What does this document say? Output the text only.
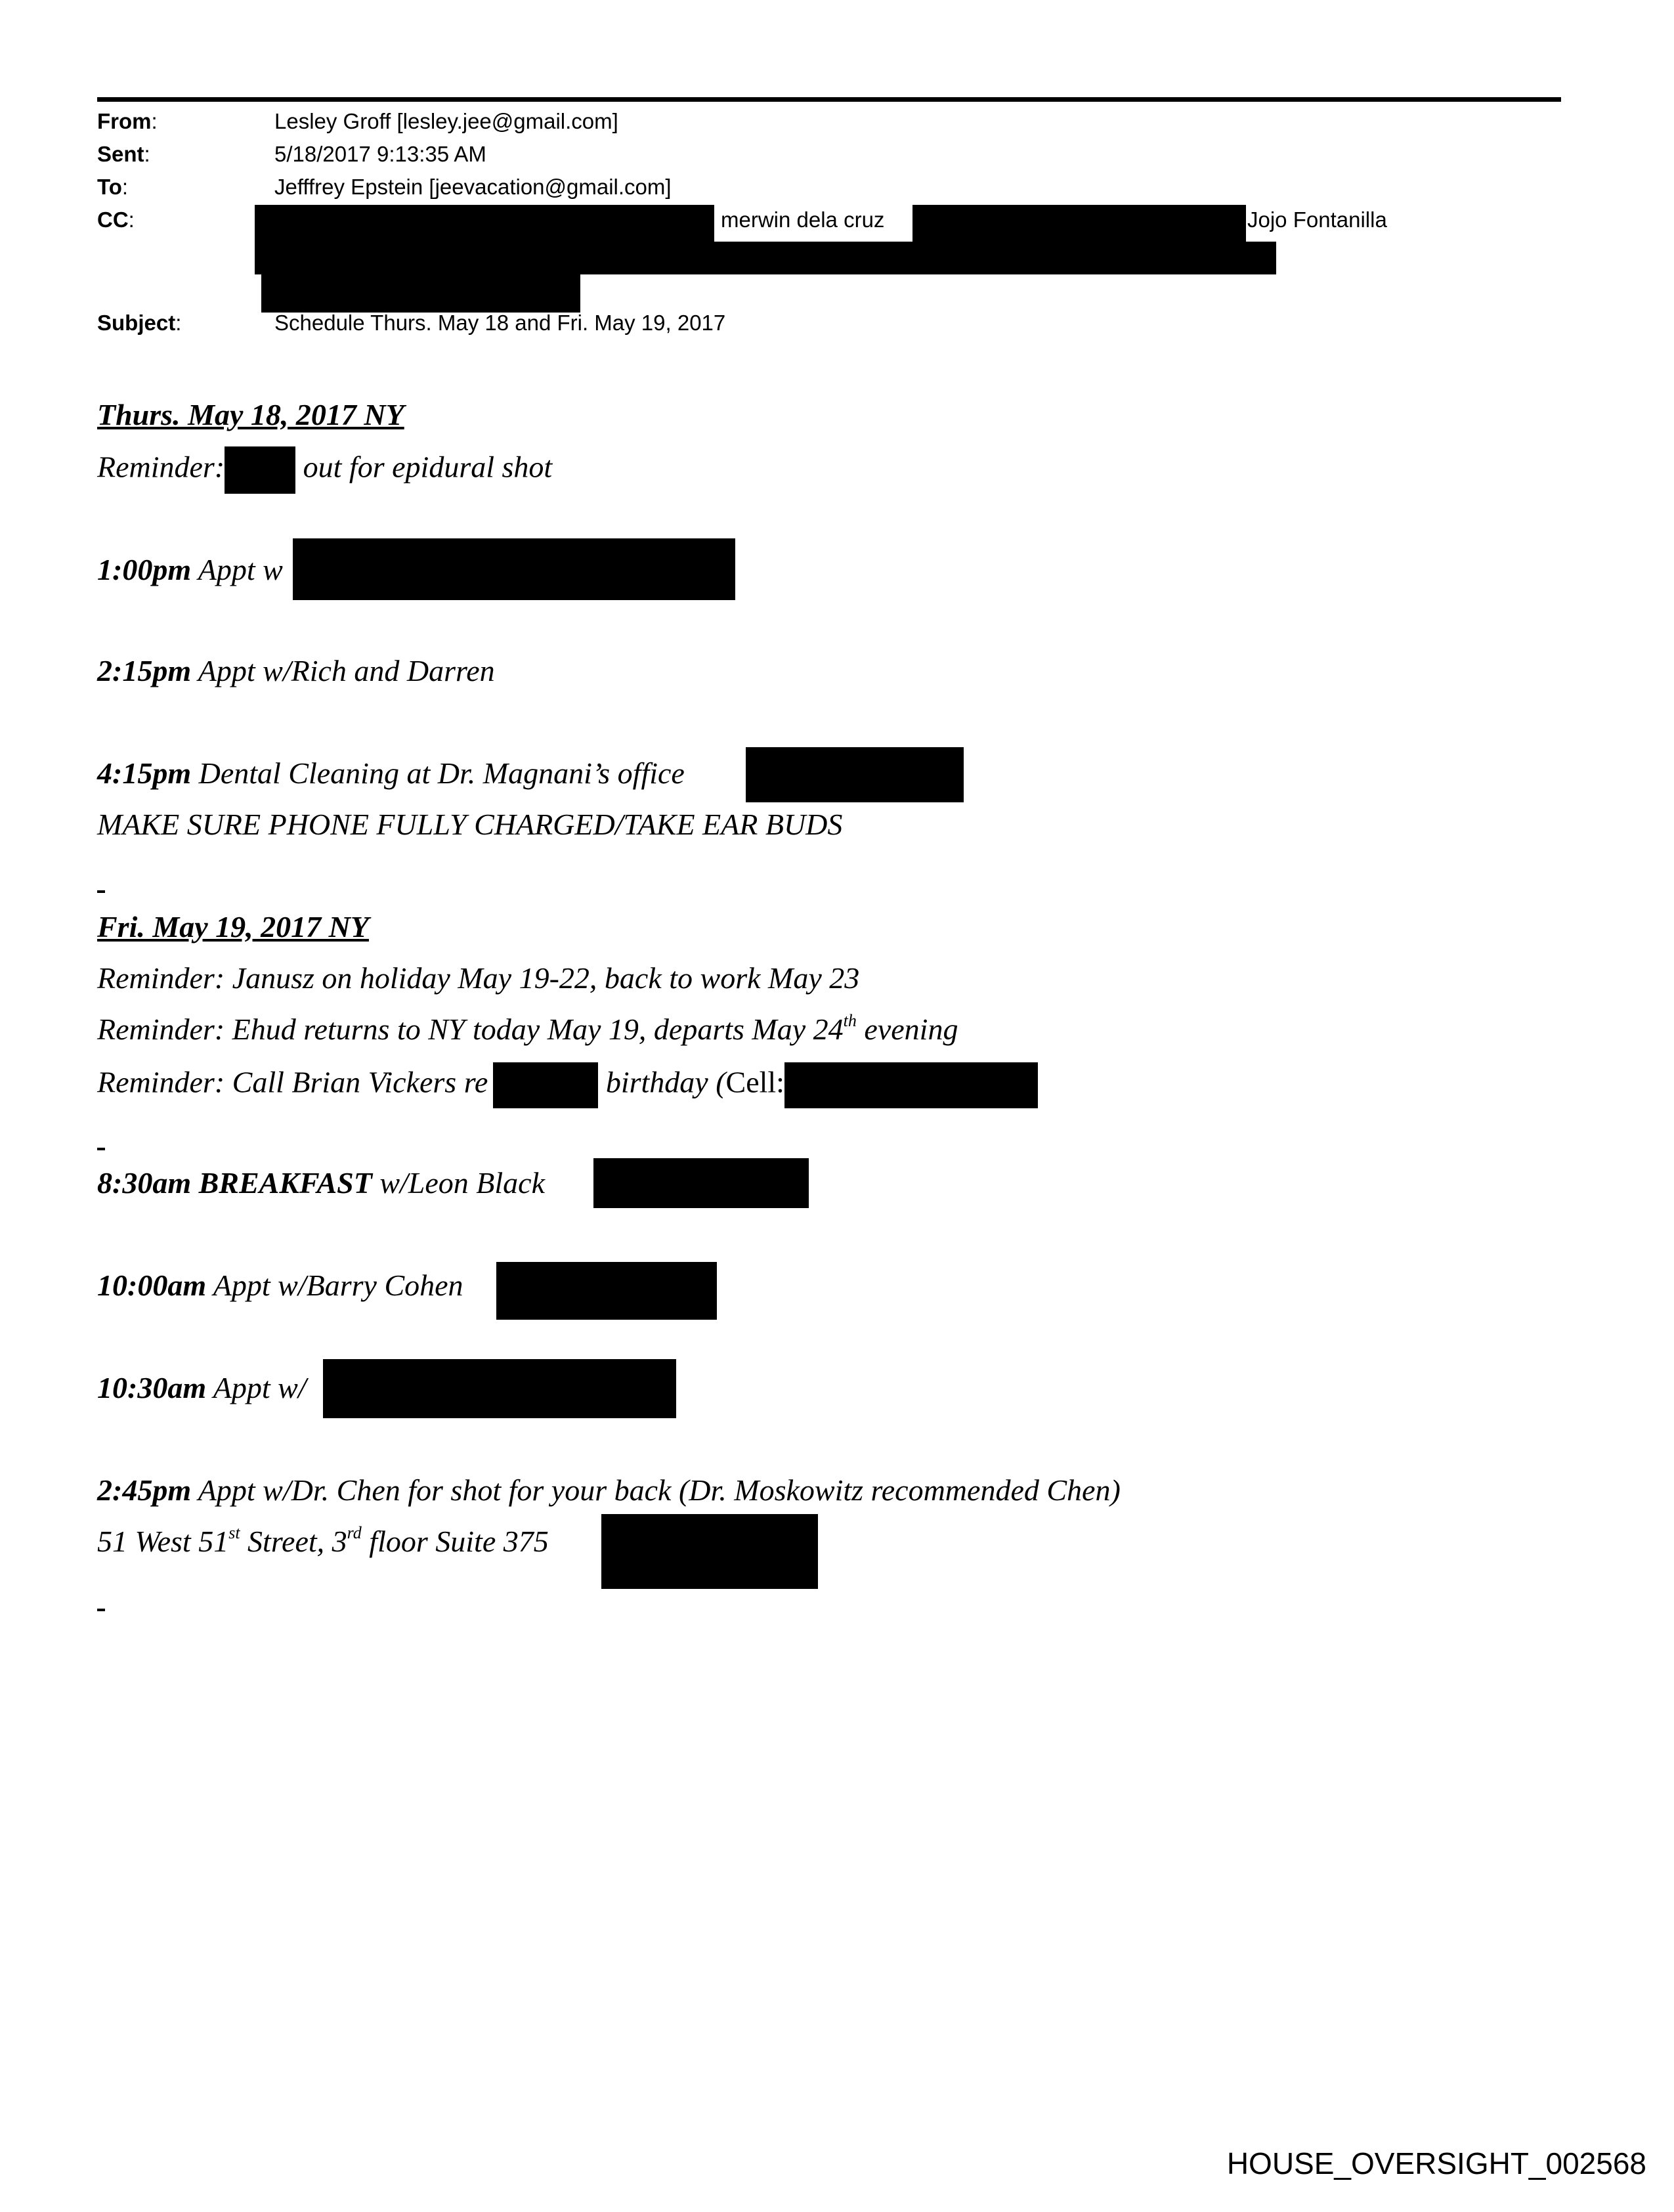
From:	Lesley Groff [lesley.jee@gmail.com]
Sent:	5/18/2017 9:13:35 AM
To:	Jefffrey Epstein [jeevacation@gmail.com]
CC:	merwin dela cruz	Jojo Fontanilla
Subject:	Schedule Thurs. May 18 and Fri. May 19, 2017
Thurs. May 18, 2017 NY
Reminder: out for epidural shot
1:00pm Appt w
2:15pm Appt w/Rich and Darren
4:15pm Dental Cleaning at Dr. Magnani’s office
MAKE SURE PHONE FULLY CHARGED/TAKE EAR BUDS
Fri. May 19, 2017 NY
Reminder: Janusz on holiday May 19-22, back to work May 23
Reminder: Ehud returns to NY today May 19, departs May 24th evening
Reminder: Call Brian Vickers re	birthday (Cell:
8:30am BREAKFAST w/Leon Black
10:00am Appt w/Barry Cohen
10:30am Appt w/
2:45pm Appt w/Dr. Chen for shot for your back (Dr. Moskowitz recommended Chen)
51 West 51st Street, 3rd floor Suite 375
HOUSE_OVERSIGHT_002568
